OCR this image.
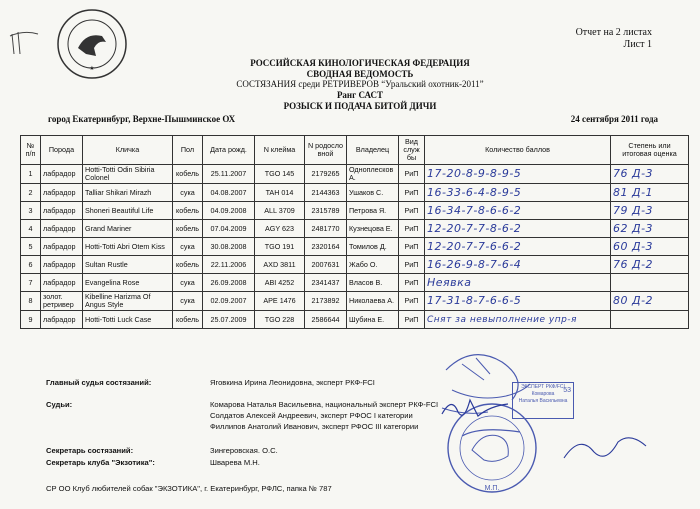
★
Отчет на 2 листах
Лист 1
РОССИЙСКАЯ КИНОЛОГИЧЕСКАЯ ФЕДЕРАЦИЯ
СВОДНАЯ ВЕДОМОСТЬ
СОСТЯЗАНИЯ среди РЕТРИВЕРОВ “Уральский охотник-2011”
Ранг САСТ
РОЗЫСК И ПОДАЧА БИТОЙ ДИЧИ
город Екатеринбург, Верхне-Пышминское ОХ	24 сентября 2011 года
№ п/п	Порода	Кличка	Пол	Дата рожд.	N клейма	N родосло вной	Владелец	Вид служ бы	Количество баллов	Степень или итоговая оценка
1	лабрадор	Hotti-Totti Odin Sibiria Colonel	кобель	25.11.2007	TGO 145	2179265	Одноплесков А.	РиП	17-20-8-9-8-9-5	76 Д-3
2	лабрадор	Talliar Shikari Mirazh	сука	04.08.2007	TAH 014	2144363	Ушаков С.	РиП	16-33-6-4-8-9-5	81 Д-1
3	лабрадор	Shoneri Beautiful Life	кобель	04.09.2008	ALL 3709	2315789	Петрова Я.	РиП	16-34-7-8-6-6-2	79 Д-3
4	лабрадор	Grand Mariner	кобель	07.04.2009	AGY 623	2481770	Кузнецова Е.	РиП	12-20-7-7-8-6-2	62 Д-3
5	лабрадор	Hotti-Totti Abri Otem Kiss	сука	30.08.2008	TGO 191	2320164	Томилов Д.	РиП	12-20-7-7-6-6-2	60 Д-3
6	лабрадор	Sultan Rustle	кобель	22.11.2006	AXD 3811	2007631	Жабо О.	РиП	16-26-9-8-7-6-4	76 Д-2
7	лабрадор	Evangelina Rose	сука	26.09.2008	ABI 4252	2341437	Власов В.	РиП	Неявка	
8	золот. ретривер	Kibelline Harizma Of Angus Style	сука	02.09.2007	APE 1476	2173892	Николаева А.	РиП	17-31-8-7-6-6-5	80 Д-2
9	лабрадор	Hotti-Totti Luck Case	кобель	25.07.2009	TGO 228	2586644	Шубина Е.	РиП	Снят за невыполнение упр-я	
Главный судья состязаний:	Яговкина Ирина Леонидовна, эксперт РКФ-FCI
Судьи:	Комарова Наталья Васильевна, национальный эксперт РКФ-FCI
Солдатов Алексей Андреевич, эксперт РФОС I категории
Филлипов Анатолий Иванович, эксперт РФОС III категории
Секретарь состязаний:	Зингеровская. О.С.
Секретарь клуба "Экзотика":	Шварева М.Н.
СР ОО Клуб любителей собак "ЭКЗОТИКА", г. Екатеринбург, РФЛС, папка № 787	М.П.
ЭКСПЕРТ РКФ/FCI
Комарова
Наталья Васильевна
53
